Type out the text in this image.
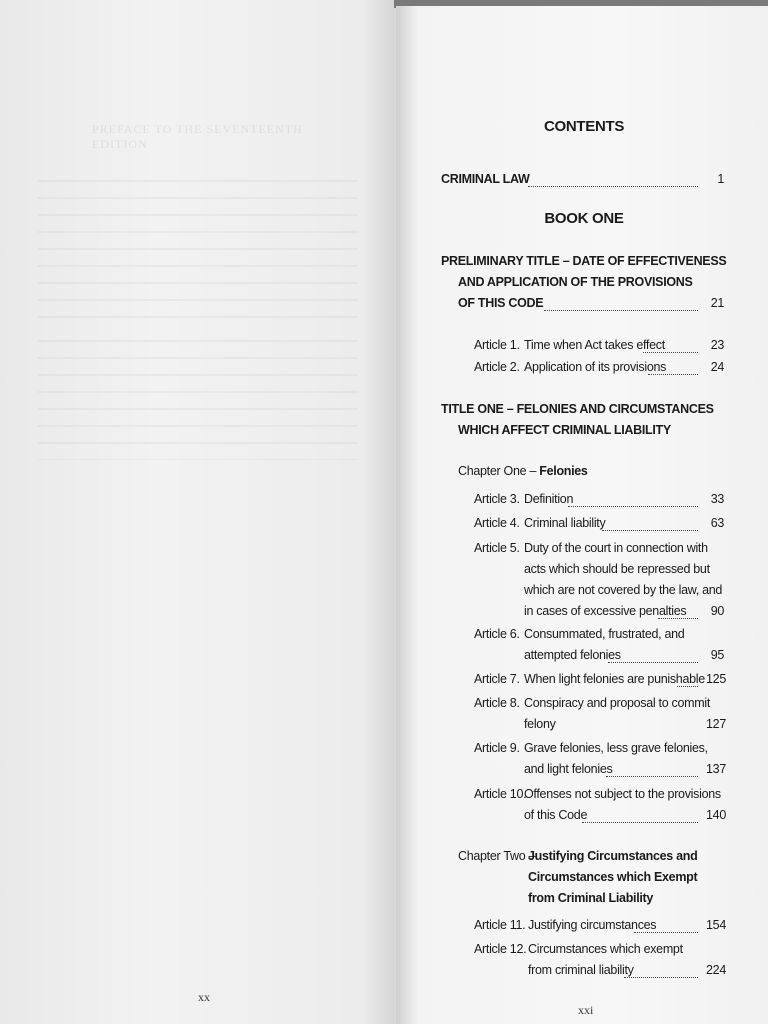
PREFACE TO THE SEVENTEENTH EDITION
xx
xxi
CONTENTS
CRIMINAL LAW	1
BOOK ONE
PRELIMINARY TITLE – DATE OF EFFECTIVENESS
AND APPLICATION OF THE PROVISIONS
OF THIS CODE	21
Article 1. Time when Act takes effect	23
Article 2. Application of its provisions	24
TITLE ONE – FELONIES AND CIRCUMSTANCES
WHICH AFFECT CRIMINAL LIABILITY
Chapter One – Felonies
Article 3. Definition	33
Article 4. Criminal liability	63
Article 5. Duty of the court in connection with
acts which should be repressed but
which are not covered by the law, and
in cases of excessive penalties	90
Article 6. Consummated, frustrated, and
attempted felonies	95
Article 7. When light felonies are punishable 125
Article 8. Conspiracy and proposal to commit
felony	127
Article 9. Grave felonies, less grave felonies,
and light felonies	137
Article 10.
Offenses not subject to the provisions
of this Code	140
Chapter Two –
Justifying Circumstances and
Circumstances which Exempt
from Criminal Liability
Article 11. Justifying circumstances	154
Article 12. Circumstances which exempt
from criminal liability	224
